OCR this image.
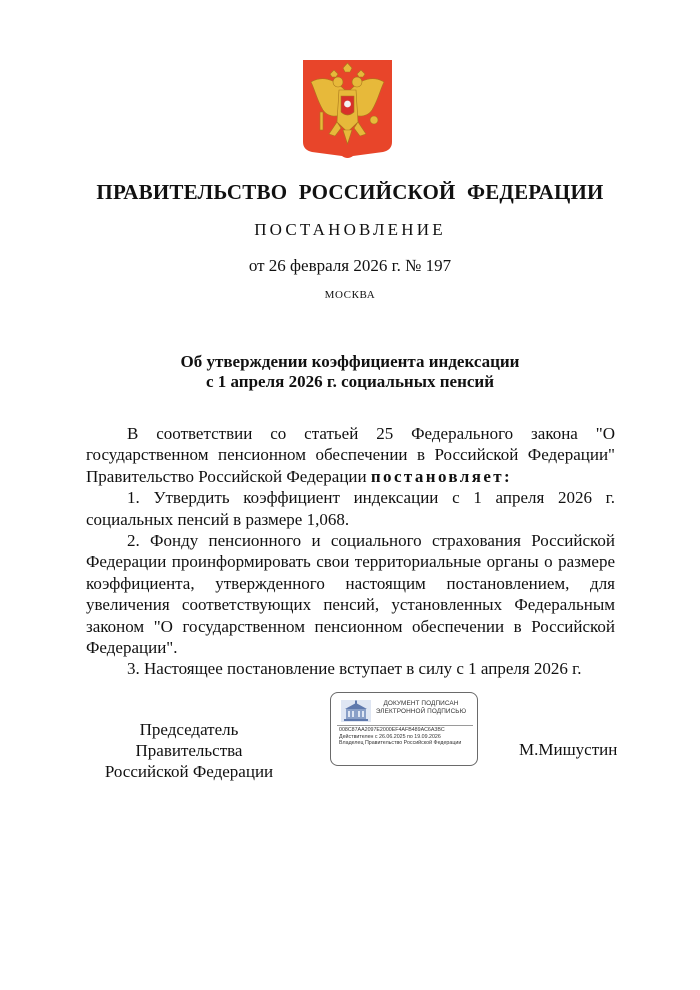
ПРАВИТЕЛЬСТВО РОССИЙСКОЙ ФЕДЕРАЦИИ
ПОСТАНОВЛЕНИЕ
от 26 февраля 2026 г. № 197
МОСКВА
Об утверждении коэффициента индексации
с 1 апреля 2026 г. социальных пенсий

В соответствии со статьей 25 Федерального закона "О государственном пенсионном обеспечении в Российской Федерации" Правительство Российской Федерации постановляет:

1. Утвердить коэффициент индексации с 1 апреля 2026 г. социальных пенсий в размере 1,068.

2. Фонду пенсионного и социального страхования Российской Федерации проинформировать свои территориальные органы о размере коэффициента, утвержденного настоящим постановлением, для увеличения соответствующих пенсий, установленных Федеральным законом "О государственном пенсионном обеспечении в Российской Федерации".

3. Настоящее постановление вступает в силу с 1 апреля 2026 г.

Председатель Правительства
Российской Федерации
ДОКУМЕНТ ПОДПИСАН
ЭЛЕКТРОННОЙ ПОДПИСЬЮ
008C87AA2097E2000EF4AFB489AC6A3BC
Действителен с 26.06.2025 по 19.09.2026
Владелец Правительство Российской Федерации	М.Мишустин
